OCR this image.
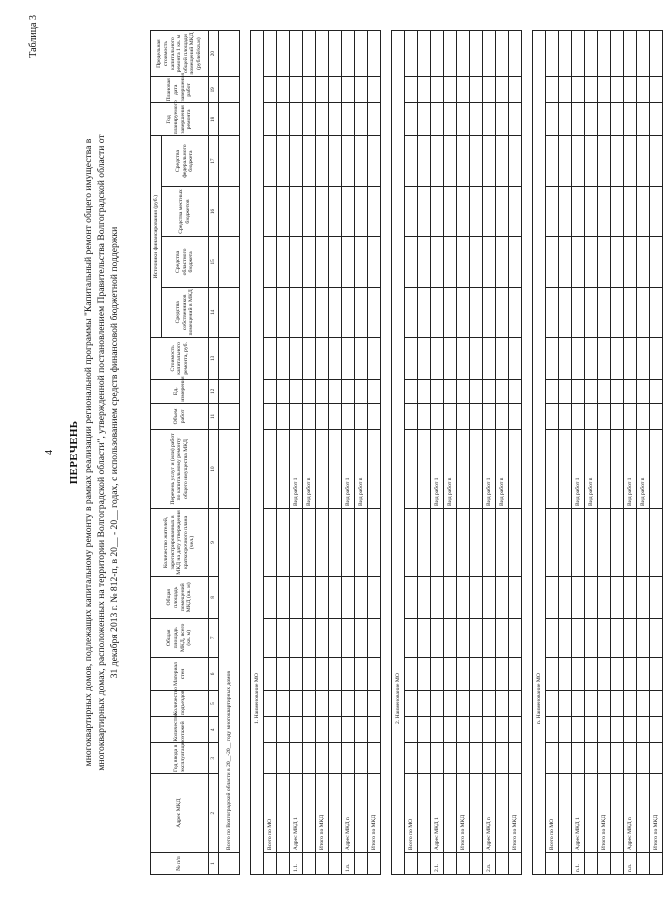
4
Таблица 3
ПЕРЕЧЕНЬ многоквартирных домов, подлежащих капитальному ремонту в рамках реализации региональной программы "Капитальный ремонт общего имущества в многоквартирных домах, расположенных на территории Волгоградской области", утвержденной постановлением Правительства Волгоградской области от 31 декабря 2013 г. № 812-п, в 20__ - 20__ годах, с использованием средств финансовой бюджетной поддержки
№ п/п	Адрес МКД	Год ввода в эксплуатацию	Количество этажей	Количество подъездов	Материал стен	Общая площадь МКД, всего (кв. м)	Общая площадь помещений МКД (кв. м)	Количество жителей, зарегистрированных в МКД на дату утверждения краткосрочного плана (чел.)	Перечень услуг и (или) работ по капитальному ремонту общего имущества МКД	Объем работ	Ед. измерения	Стоимость капитального ремонта, руб.	Источники финансирования (руб.)				Год планируемого завершения ремонта	Плановая дата завершения работ	Предельная стоимость капитального ремонта 1 кв. м общей площади помещений МКД (рублей/кв.м)
													Средства собственников помещений в МКД	Средства областного бюджета	Средства местных бюджетов	Средства федерального бюджета			
1	2	3	4	5	6	7	8	9	10	11	12	13	14	15	16	17	18	19	20
	Всего по Волгоградской области в 20__-20__ году многоквартирных домов																		

1. Наименование МО																			
	Всего по МО																		

1.1.	Адрес МКД 1								Вид работ 1										
									Вид работ n										
	Итого по МКД																		

1.n.	Адрес МКД n								Вид работ 1										
									Вид работ n										
	Итого по МКД																		

2. Наименование МО																			
	Всего по МО																		

2.1.	Адрес МКД 1								Вид работ 1										
									Вид работ n										
	Итого по МКД																		

2.n.	Адрес МКД n								Вид работ 1										
									Вид работ n										
	Итого по МКД																		

n. Наименование МО																			
	Всего по МО																		

n.1.	Адрес МКД 1								Вид работ 1										
									Вид работ n										
	Итого по МКД																		

n.n.	Адрес МКД n								Вид работ 1										
									Вид работ n										
	Итого по МКД																		
